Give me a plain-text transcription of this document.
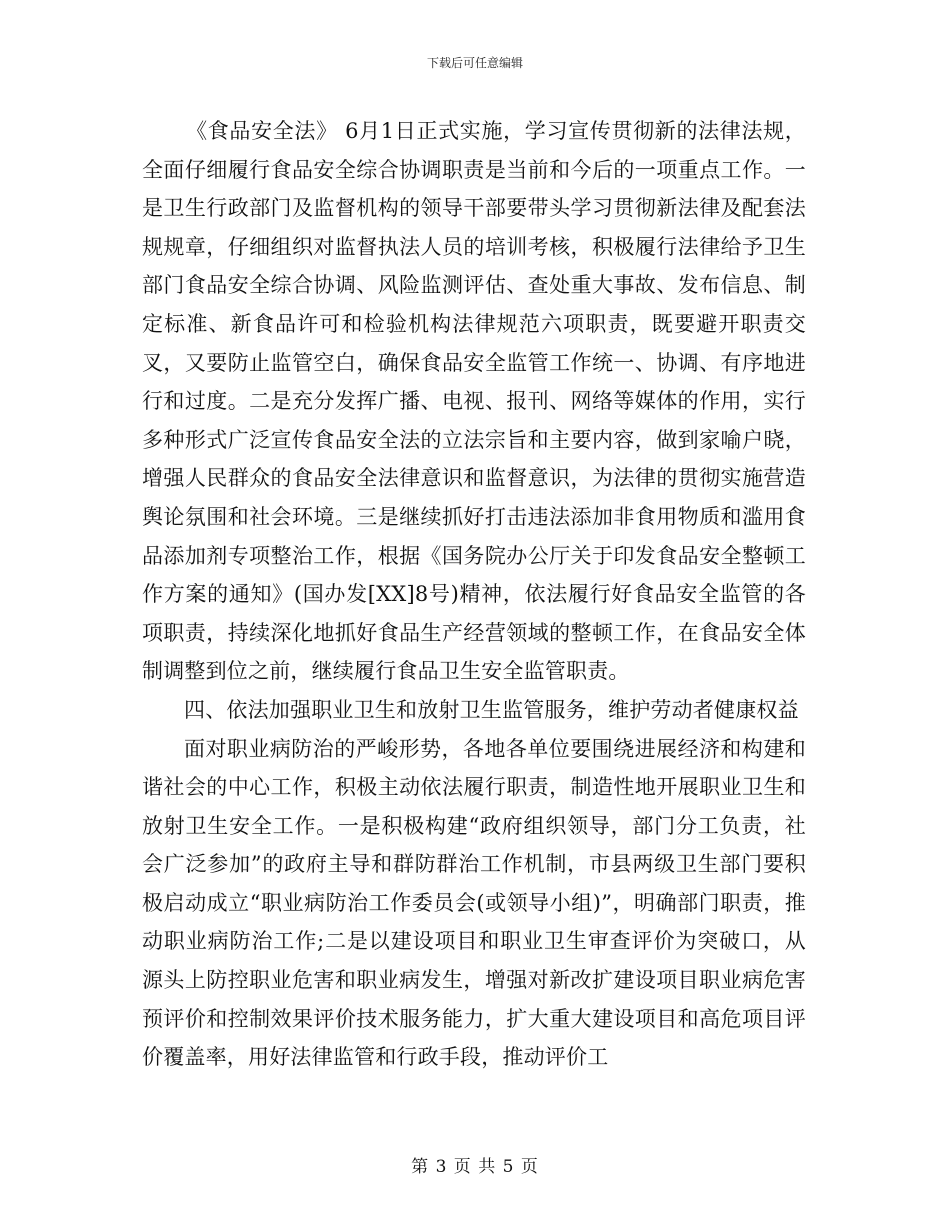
下载后可任意编辑

《食品安全法》 6月1日正式实施，学习宣传贯彻新的法律法规，全面仔细履行食品安全综合协调职责是当前和今后的一项重点工作。一是卫生行政部门及监督机构的领导干部要带头学习贯彻新法律及配套法规规章，仔细组织对监督执法人员的培训考核，积极履行法律给予卫生部门食品安全综合协调、风险监测评估、查处重大事故、发布信息、制定标准、新食品许可和检验机构法律规范六项职责，既要避开职责交叉，又要防止监管空白，确保食品安全监管工作统一、协调、有序地进行和过度。二是充分发挥广播、电视、报刊、网络等媒体的作用，实行多种形式广泛宣传食品安全法的立法宗旨和主要内容，做到家喻户晓，增强人民群众的食品安全法律意识和监督意识，为法律的贯彻实施营造舆论氛围和社会环境。三是继续抓好打击违法添加非食用物质和滥用食品添加剂专项整治工作，根据《国务院办公厅关于印发食品安全整顿工作方案的通知》(国办发[XX]8号)精神，依法履行好食品安全监管的各项职责，持续深化地抓好食品生产经营领域的整顿工作，在食品安全体制调整到位之前，继续履行食品卫生安全监管职责。

四、依法加强职业卫生和放射卫生监管服务，维护劳动者健康权益

面对职业病防治的严峻形势，各地各单位要围绕进展经济和构建和谐社会的中心工作，积极主动依法履行职责，制造性地开展职业卫生和放射卫生安全工作。一是积极构建“政府组织领导，部门分工负责，社会广泛参加”的政府主导和群防群治工作机制，市县两级卫生部门要积极启动成立“职业病防治工作委员会(或领导小组)”，明确部门职责，推动职业病防治工作;二是以建设项目和职业卫生审查评价为突破口，从源头上防控职业危害和职业病发生，增强对新改扩建设项目职业病危害预评价和控制效果评价技术服务能力，扩大重大建设项目和高危项目评价覆盖率，用好法律监管和行政手段，推动评价工

第 3 页 共 5 页
